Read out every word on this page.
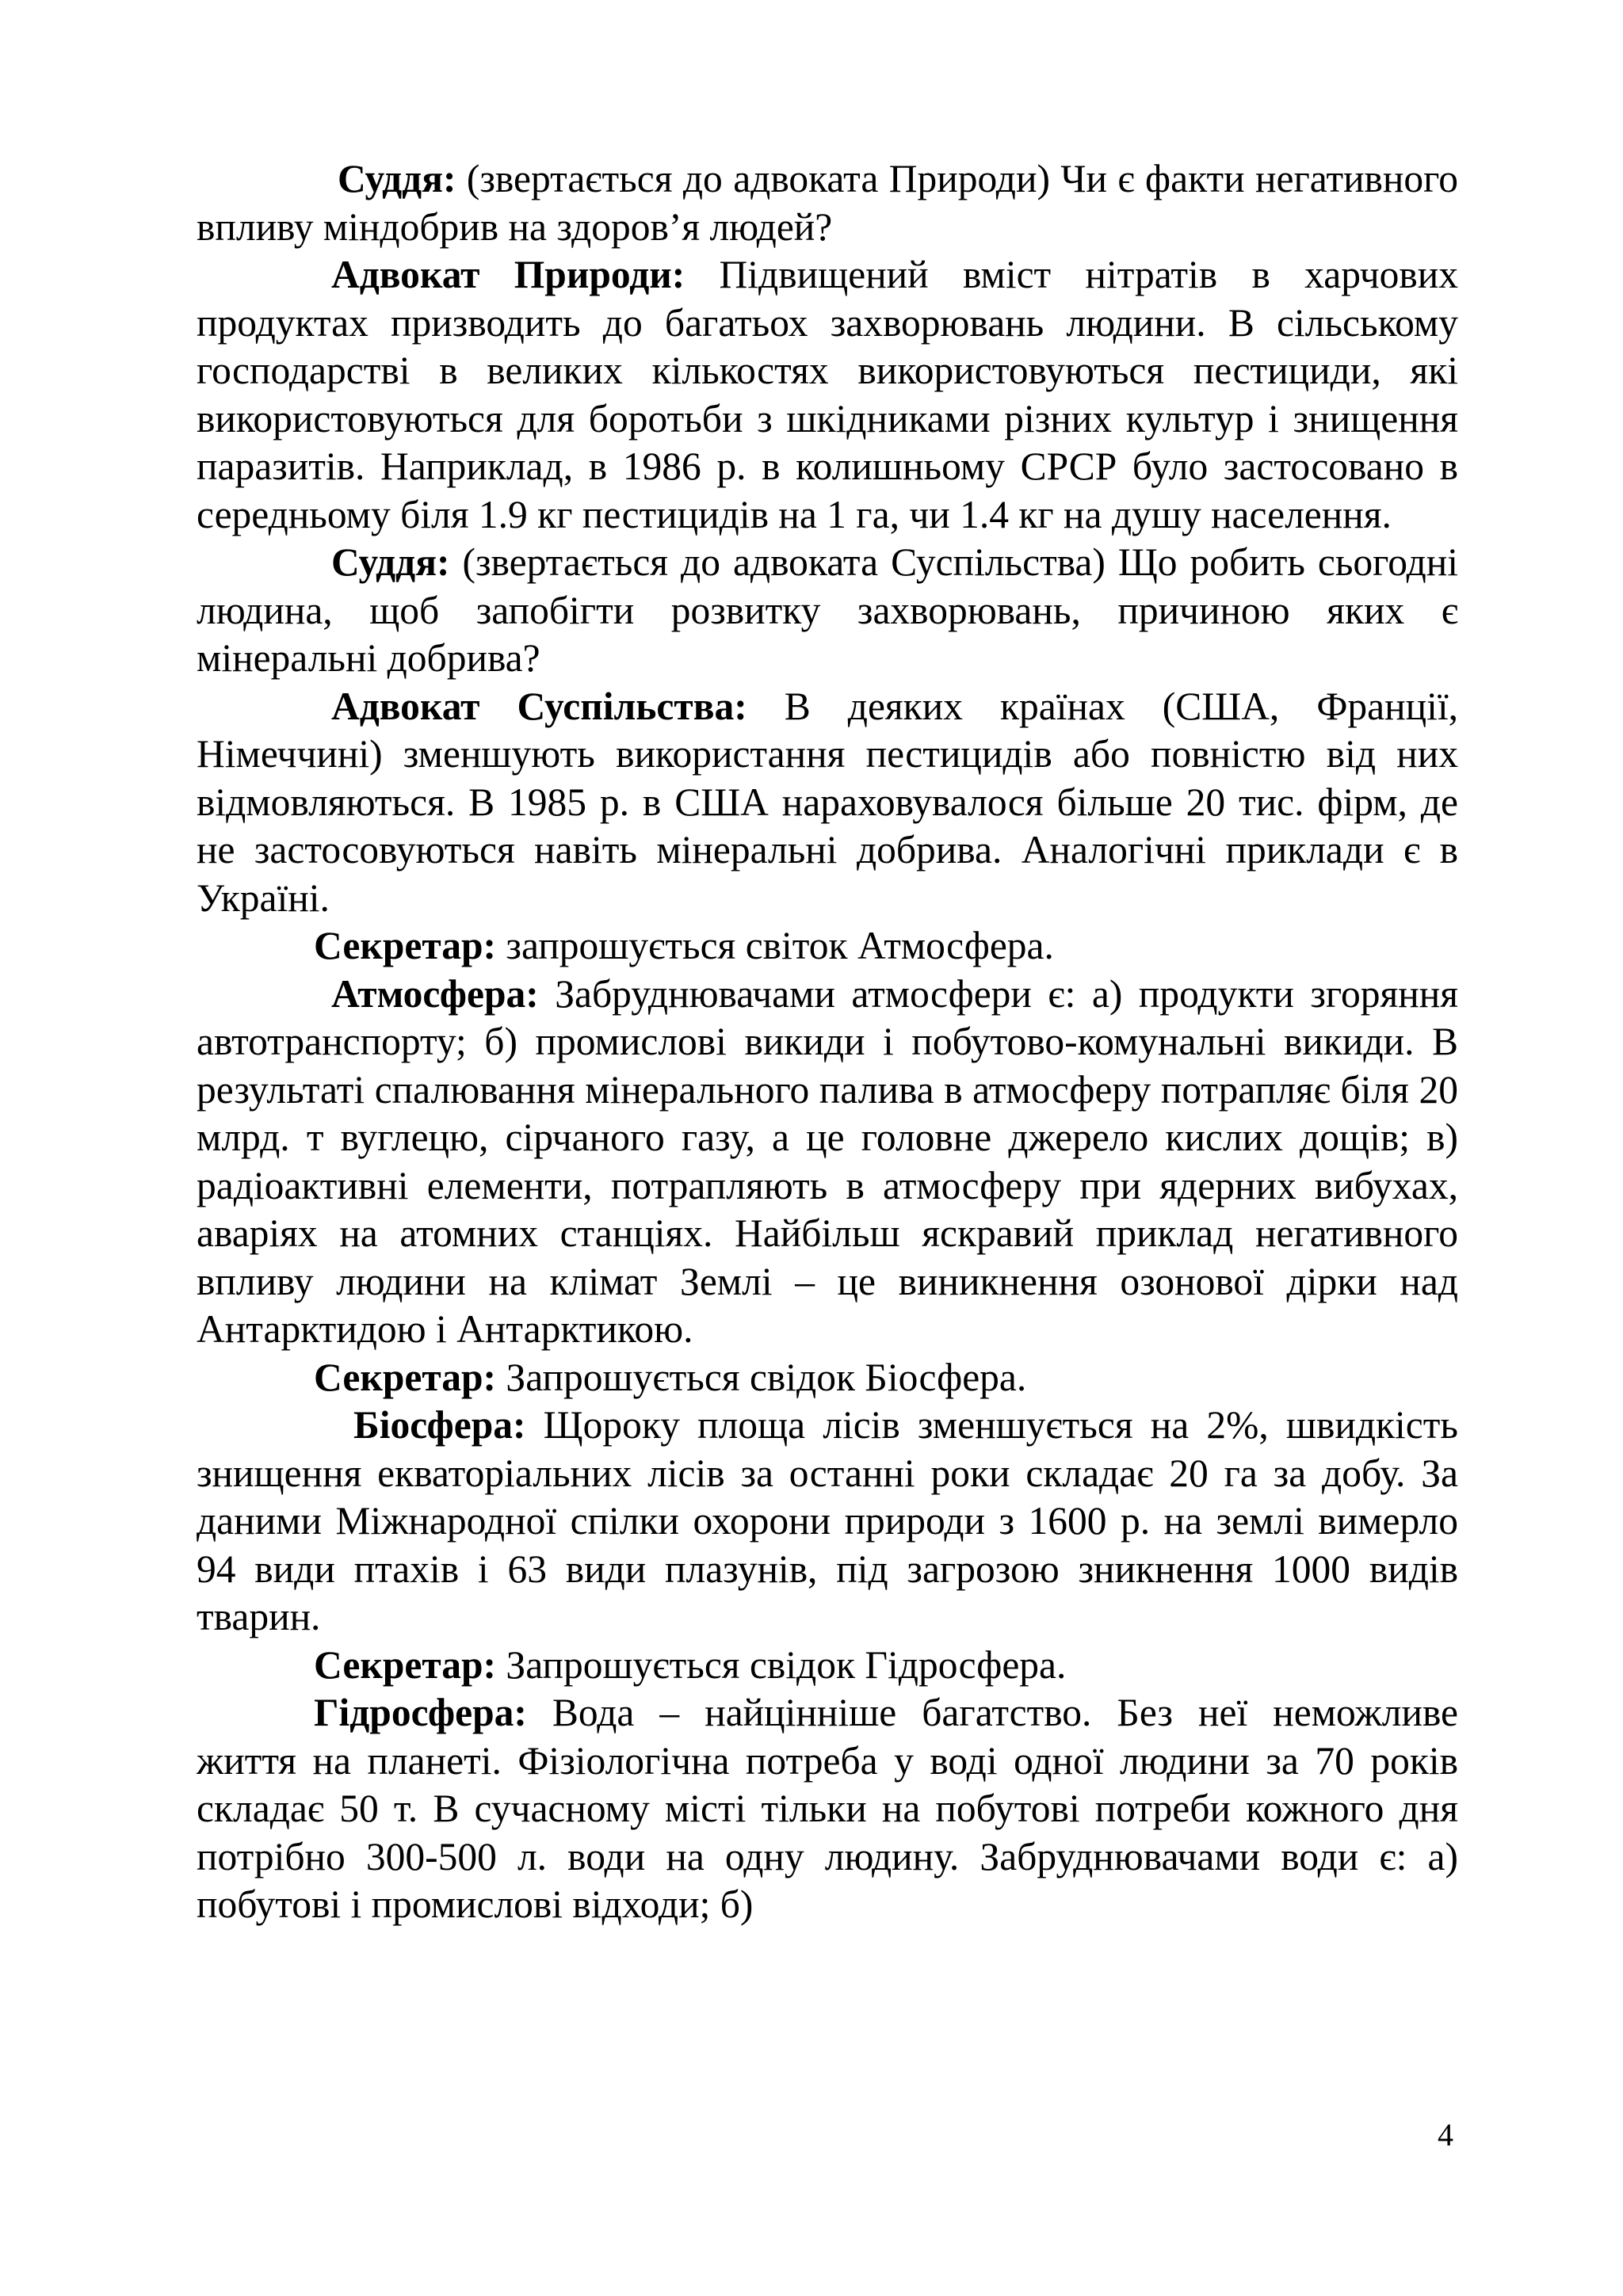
Суддя: (звертається до адвоката Природи) Чи є факти негативного впливу міндобрив на здоров’я людей?

Адвокат Природи: Підвищений вміст нітратів в харчових продуктах призводить до багатьох захворювань людини. В сільському господарстві в великих кількостях використовуються пестициди, які використовуються для боротьби з шкідниками різних культур і знищення паразитів. Наприклад, в 1986 р. в колишньому СРСР було застосовано в середньому біля 1.9 кг пестицидів на 1 га, чи 1.4 кг на душу населення.

Суддя: (звертається до адвоката Суспільства) Що робить сьогодні людина, щоб запобігти розвитку захворювань, причиною яких є мінеральні добрива?

Адвокат Суспільства: В деяких країнах (США, Франції, Німеччині) зменшують використання пестицидів або повністю від них відмовляються. В 1985 р. в США нараховувалося більше 20 тис. фірм, де не застосовуються навіть мінеральні добрива. Аналогічні приклади є в Україні.

Секретар: запрошується світок Атмосфера.

Атмосфера: Забруднювачами атмосфери є: а) продукти згоряння автотранспорту; б) промислові викиди і побутово-комунальні викиди. В результаті спалювання мінерального палива в атмосферу потрапляє біля 20 млрд. т вуглецю, сірчаного газу, а це головне джерело кислих дощів; в) радіоактивні елементи, потрапляють в атмосферу при ядерних вибухах, аваріях на атомних станціях. Найбільш яскравий приклад негативного впливу людини на клімат Землі – це виникнення озонової дірки над Антарктидою і Антарктикою.

Секретар: Запрошується свідок Біосфера.

Біосфера: Щороку площа лісів зменшується на 2%, швидкість знищення екваторіальних лісів за останні роки складає 20 га за добу. За даними Міжнародної спілки охорони природи з 1600 р. на землі вимерло 94 види птахів і 63 види плазунів, під загрозою зникнення 1000 видів тварин.

Секретар: Запрошується свідок Гідросфера.

Гідросфера: Вода – найцінніше багатство. Без неї неможливе життя на планеті. Фізіологічна потреба у воді одної людини за 70 років складає 50 т. В сучасному місті тільки на побутові потреби кожного дня потрібно 300-500 л. води на одну людину. Забруднювачами води є: а) побутові і промислові відходи; б)

4
